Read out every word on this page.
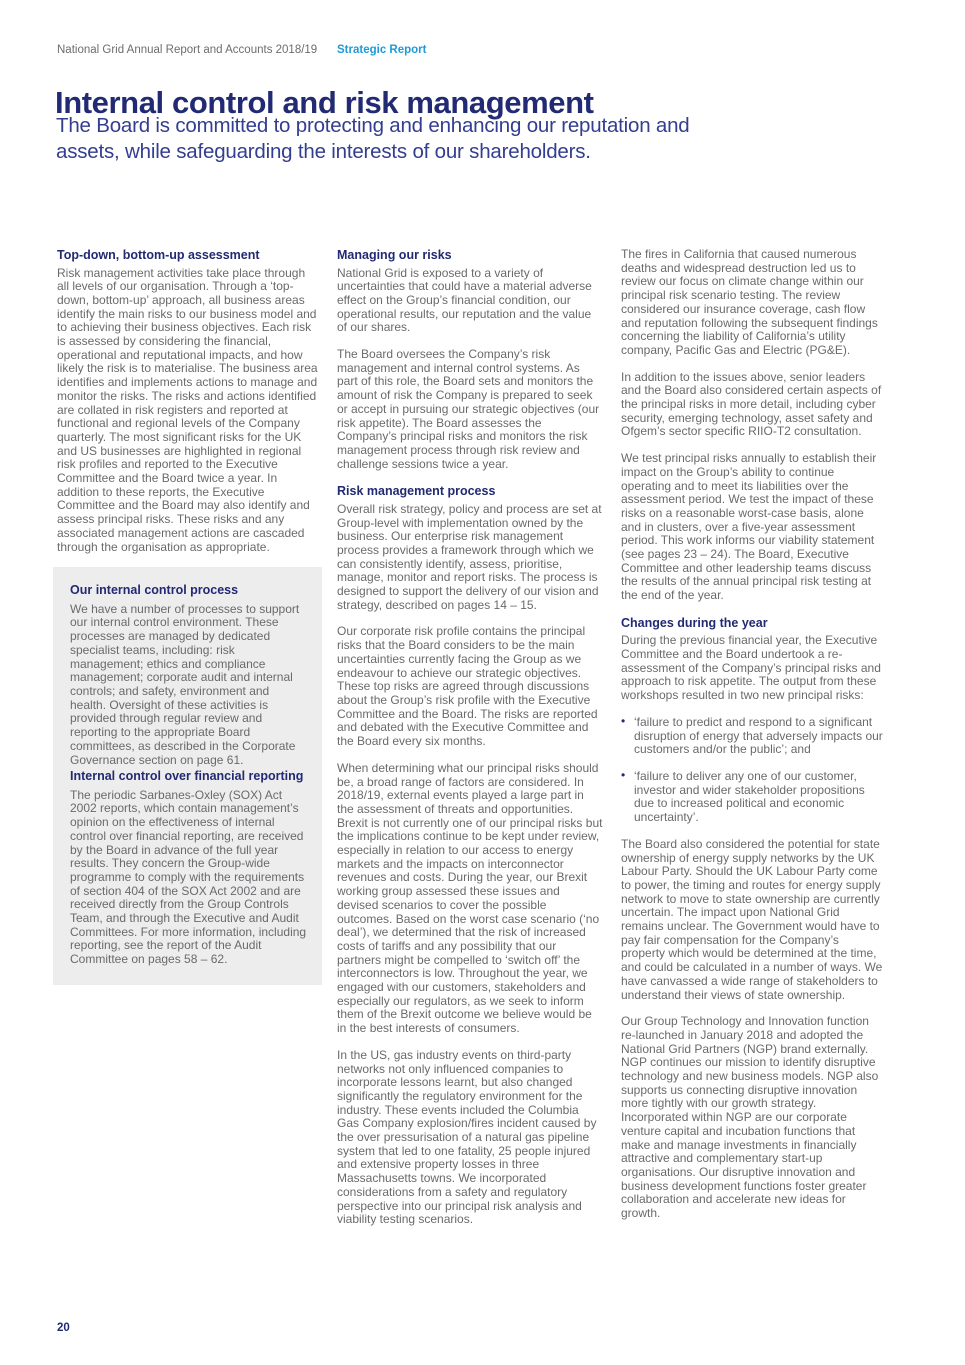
National Grid Annual Report and Accounts 2018/19 Strategic Report
Internal control and risk management
The Board is committed to protecting and enhancing our reputation and assets, while safeguarding the interests of our shareholders.
Top-down, bottom-up assessment

Risk management activities take place through all levels of our organisation. Through a ‘top-down, bottom-up’ approach, all business areas identify the main risks to our business model and to achieving their business objectives. Each risk is assessed by considering the financial, operational and reputational impacts, and how likely the risk is to materialise. The business area identifies and implements actions to manage and monitor the risks. The risks and actions identified are collated in risk registers and reported at functional and regional levels of the Company quarterly. The most significant risks for the UK and US businesses are highlighted in regional risk profiles and reported to the Executive Committee and the Board twice a year. In addition to these reports, the Executive Committee and the Board may also identify and assess principal risks. These risks and any associated management actions are cascaded through the organisation as appropriate.

Our internal control process

We have a number of processes to support our internal control environment. These processes are managed by dedicated specialist teams, including: risk management; ethics and compliance management; corporate audit and internal controls; and safety, environment and health. Oversight of these activities is provided through regular review and reporting to the appropriate Board committees, as described in the Corporate Governance section on page 61.

Internal control over financial reporting

The periodic Sarbanes-Oxley (SOX) Act 2002 reports, which contain management’s opinion on the effectiveness of internal control over financial reporting, are received by the Board in advance of the full year results. They concern the Group-wide programme to comply with the requirements of section 404 of the SOX Act 2002 and are received directly from the Group Controls Team, and through the Executive and Audit Committees. For more information, including reporting, see the report of the Audit Committee on pages 58 – 62.

Managing our risks

National Grid is exposed to a variety of uncertainties that could have a material adverse effect on the Group’s financial condition, our operational results, our reputation and the value of our shares.

The Board oversees the Company’s risk management and internal control systems. As part of this role, the Board sets and monitors the amount of risk the Company is prepared to seek or accept in pursuing our strategic objectives (our risk appetite). The Board assesses the Company’s principal risks and monitors the risk management process through risk review and challenge sessions twice a year.

Risk management process

Overall risk strategy, policy and process are set at Group-level with implementation owned by the business. Our enterprise risk management process provides a framework through which we can consistently identify, assess, prioritise, manage, monitor and report risks. The process is designed to support the delivery of our vision and strategy, described on pages 14 – 15.

Our corporate risk profile contains the principal risks that the Board considers to be the main uncertainties currently facing the Group as we endeavour to achieve our strategic objectives. These top risks are agreed through discussions about the Group’s risk profile with the Executive Committee and the Board. The risks are reported and debated with the Executive Committee and the Board every six months.

When determining what our principal risks should be, a broad range of factors are considered. In 2018/19, external events played a large part in the assessment of threats and opportunities. Brexit is not currently one of our principal risks but the implications continue to be kept under review, especially in relation to our access to energy markets and the impacts on interconnector revenues and costs. During the year, our Brexit working group assessed these issues and devised scenarios to cover the possible outcomes. Based on the worst case scenario (‘no deal’), we determined that the risk of increased costs of tariffs and any possibility that our partners might be compelled to ‘switch off’ the interconnectors is low. Throughout the year, we engaged with our customers, stakeholders and especially our regulators, as we seek to inform them of the Brexit outcome we believe would be in the best interests of consumers.

In the US, gas industry events on third-party networks not only influenced companies to incorporate lessons learnt, but also changed significantly the regulatory environment for the industry. These events included the Columbia Gas Company explosion/fires incident caused by the over pressurisation of a natural gas pipeline system that led to one fatality, 25 people injured and extensive property losses in three Massachusetts towns. We incorporated considerations from a safety and regulatory perspective into our principal risk analysis and viability testing scenarios.

The fires in California that caused numerous deaths and widespread destruction led us to review our focus on climate change within our principal risk scenario testing. The review considered our insurance coverage, cash flow and reputation following the subsequent findings concerning the liability of California’s utility company, Pacific Gas and Electric (PG&E).

In addition to the issues above, senior leaders and the Board also considered certain aspects of the principal risks in more detail, including cyber security, emerging technology, asset safety and Ofgem’s sector specific RIIO-T2 consultation.

We test principal risks annually to establish their impact on the Group’s ability to continue operating and to meet its liabilities over the assessment period. We test the impact of these risks on a reasonable worst-case basis, alone and in clusters, over a five-year assessment period. This work informs our viability statement (see pages 23 – 24). The Board, Executive Committee and other leadership teams discuss the results of the annual principal risk testing at the end of the year.

Changes during the year

During the previous financial year, the Executive Committee and the Board undertook a re-assessment of the Company’s principal risks and approach to risk appetite. The output from these workshops resulted in two new principal risks:

• ‘failure to predict and respond to a significant disruption of energy that adversely impacts our customers and/or the public’; and
• ‘failure to deliver any one of our customer, investor and wider stakeholder propositions due to increased political and economic uncertainty’.

The Board also considered the potential for state ownership of energy supply networks by the UK Labour Party. Should the UK Labour Party come to power, the timing and routes for energy supply network to move to state ownership are currently uncertain. The impact upon National Grid remains unclear. The Government would have to pay fair compensation for the Company’s property which would be determined at the time, and could be calculated in a number of ways. We have canvassed a wide range of stakeholders to understand their views of state ownership.

Our Group Technology and Innovation function re-launched in January 2018 and adopted the National Grid Partners (NGP) brand externally. NGP continues our mission to identify disruptive technology and new business models. NGP also supports us connecting disruptive innovation more tightly with our growth strategy. Incorporated within NGP are our corporate venture capital and incubation functions that make and manage investments in financially attractive and complementary start-up organisations. Our disruptive innovation and business development functions foster greater collaboration and accelerate new ideas for growth.

20
